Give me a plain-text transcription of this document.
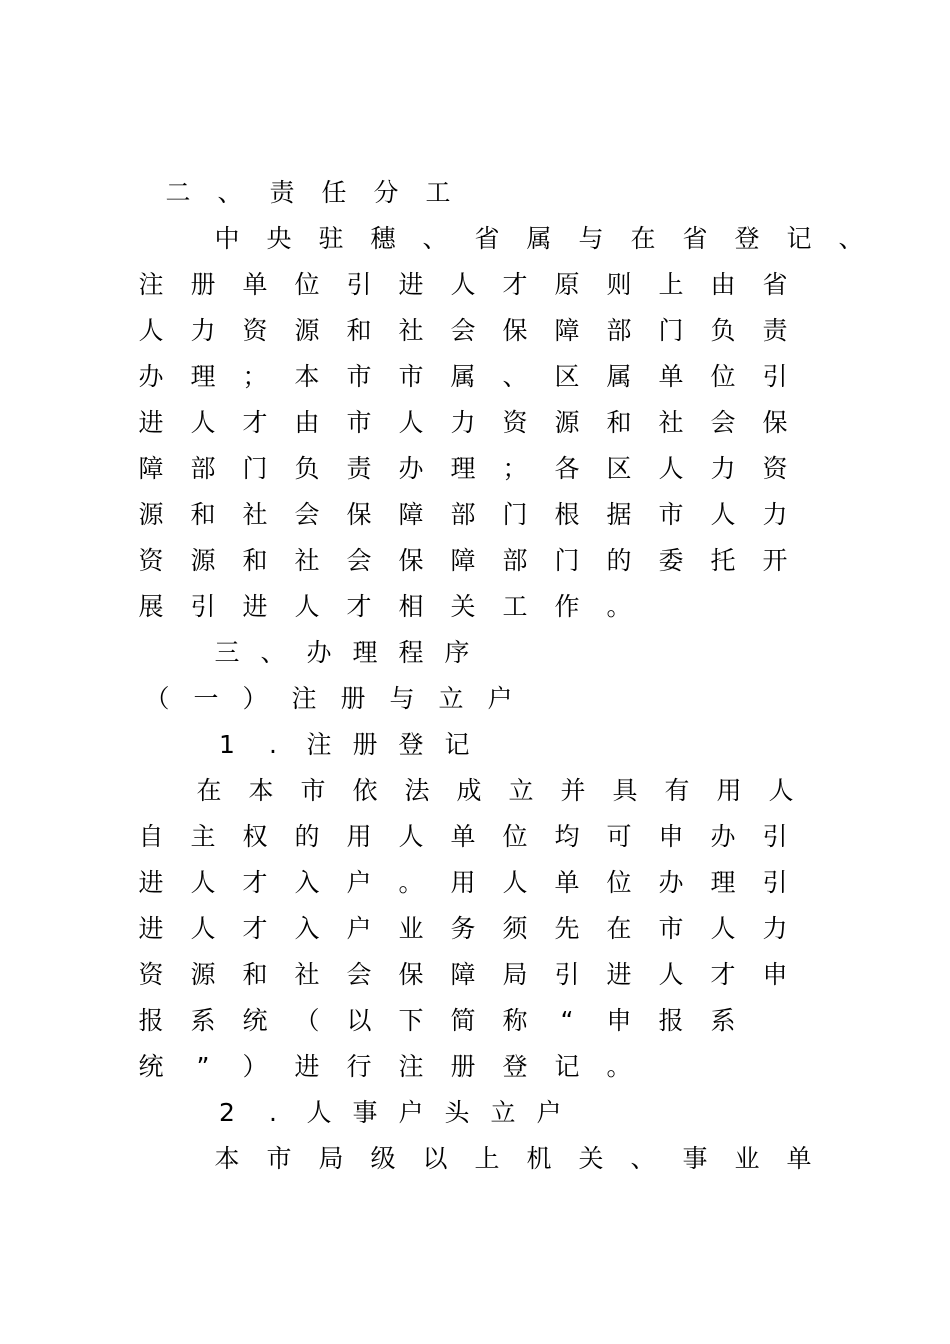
二 、 责 任 分 工
中 央 驻 穗 、 省 属 与 在 省 登 记 、
注 册 单 位 引 进 人 才 原 则 上 由 省
人 力 资 源 和 社 会 保 障 部 门 负 责
办 理 ； 本 市 市 属 、 区 属 单 位 引
进 人 才 由 市 人 力 资 源 和 社 会 保
障 部 门 负 责 办 理 ； 各 区 人 力 资
源 和 社 会 保 障 部 门 根 据 市 人 力
资 源 和 社 会 保 障 部 门 的 委 托 开
展 引 进 人 才 相 关 工 作 。
三 、 办 理 程 序
（ 一 ） 注 册 与 立 户
1	.	注 册 登 记
在 本 市 依 法 成 立 并 具 有 用 人
自 主 权 的 用 人 单 位 均 可 申 办 引
进 人 才 入 户 。 用 人 单 位 办 理 引
进 人 才 入 户 业 务 须 先 在 市 人 力
资 源 和 社 会 保 障 局 引 进 人 才 申
报 系 统 （ 以 下 简 称	“	申 报 系
统	”	） 进 行 注 册 登 记 。
2	.	人 事 户 头 立 户
本 市 局 级 以 上 机 关 、 事 业 单
